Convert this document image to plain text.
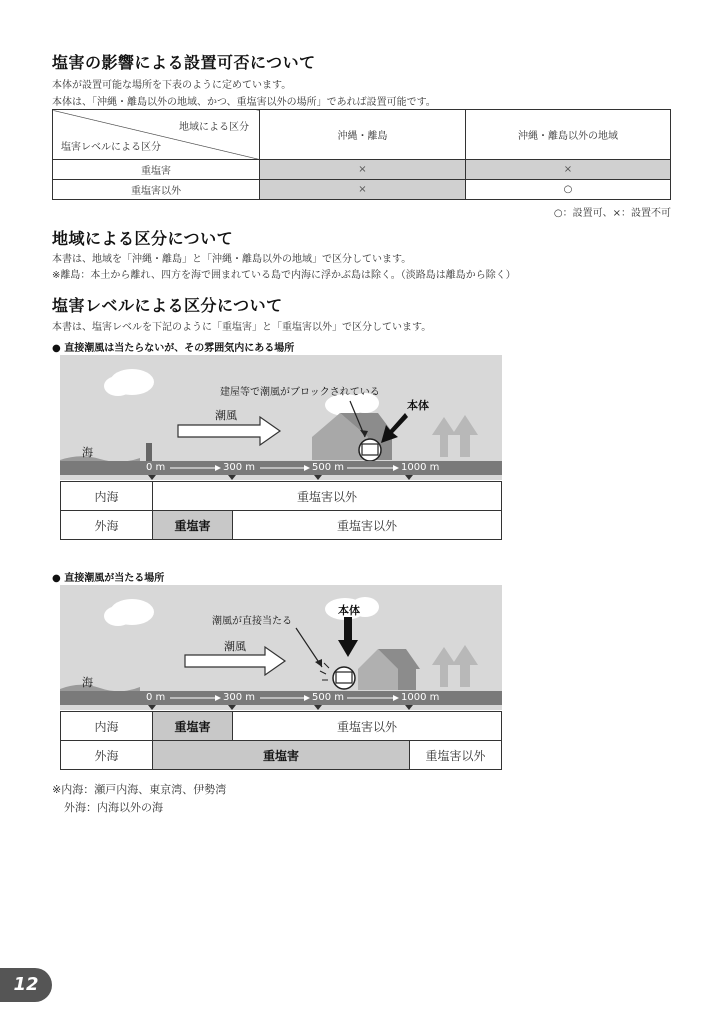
塩害の影響による設置可否について
本体が設置可能な場所を下表のように定めています。
本体は、「沖縄・離島以外の地域、かつ、重塩害以外の場所」であれば設置可能です。
地域による区分
塩害レベルによる区分	沖縄・離島	沖縄・離島以外の地域
重塩害	×	×
重塩害以外	×	○
○：設置可、×：設置不可
地域による区分について
本書は、地域を「沖縄・離島」と「沖縄・離島以外の地域」で区分しています。
※離島：本土から離れ、四方を海で囲まれている島で内海に浮かぶ島は除く。（淡路島は離島から除く）
塩害レベルによる区分について
本書は、塩害レベルを下記のように「重塩害」と「重塩害以外」で区分しています。
● 直接潮風は当たらないが、その雰囲気内にある場所
0 m	300 m	500 m	1000 m
建屋等で潮風がブロックされている
本体
潮風
海
内海	重塩害以外	
外海	重塩害	重塩害以外
● 直接潮風が当たる場所
0 m	300 m	500 m	1000 m
潮風が直接当たる
本体
潮風
海
内海	重塩害	重塩害以外	
外海	重塩害		重塩害以外
※内海：瀬戸内海、東京湾、伊勢湾
外海：内海以外の海
12
